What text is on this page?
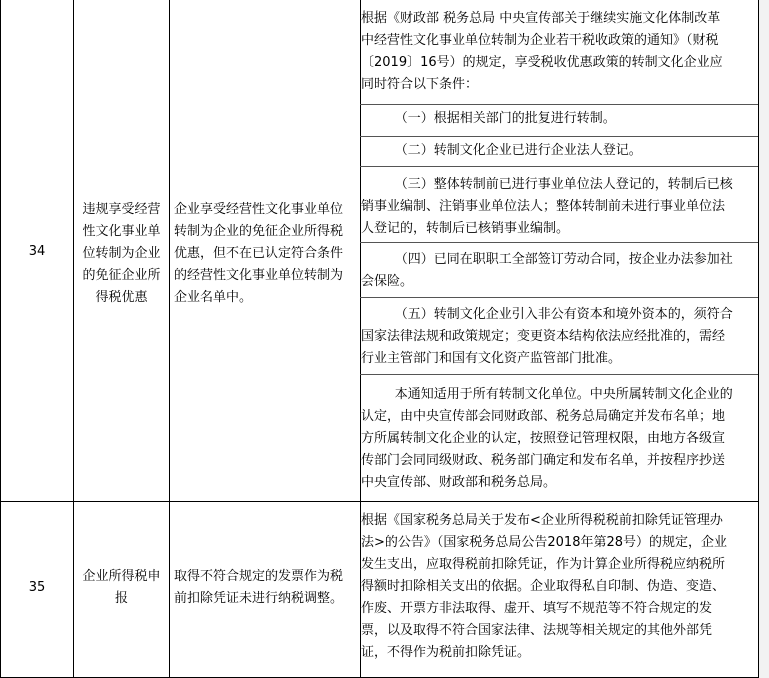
34
违规享受经营
性文化事业单
位转制为企业
的免征企业所
得税优惠
企业享受经营性文化事业单位
转制为企业的免征企业所得税
优惠，但不在已认定符合条件
的经营性文化事业单位转制为
企业名单中。
根据《财政部 税务总局 中央宣传部关于继续实施文化体制改革
中经营性文化事业单位转制为企业若干税收政策的通知》（财税
〔2019〕16号）的规定，享受税收优惠政策的转制文化企业应
同时符合以下条件：
（一）根据相关部门的批复进行转制。
（二）转制文化企业已进行企业法人登记。
（三）整体转制前已进行事业单位法人登记的，转制后已核
销事业编制、注销事业单位法人；整体转制前未进行事业单位法
人登记的，转制后已核销事业编制。
（四）已同在职职工全部签订劳动合同，按企业办法参加社
会保险。
（五）转制文化企业引入非公有资本和境外资本的，须符合
国家法律法规和政策规定；变更资本结构依法应经批准的，需经
行业主管部门和国有文化资产监管部门批准。
本通知适用于所有转制文化单位。中央所属转制文化企业的
认定，由中央宣传部会同财政部、税务总局确定并发布名单；地
方所属转制文化企业的认定，按照登记管理权限，由地方各级宣
传部门会同同级财政、税务部门确定和发布名单，并按程序抄送
中央宣传部、财政部和税务总局。
35
企业所得税申
报
取得不符合规定的发票作为税
前扣除凭证未进行纳税调整。
根据《国家税务总局关于发布<企业所得税税前扣除凭证管理办
法>的公告》（国家税务总局公告2018年第28号）的规定，企业
发生支出，应取得税前扣除凭证，作为计算企业所得税应纳税所
得额时扣除相关支出的依据。企业取得私自印制、伪造、变造、
作废、开票方非法取得、虚开、填写不规范等不符合规定的发
票，以及取得不符合国家法律、法规等相关规定的其他外部凭
证，不得作为税前扣除凭证。
